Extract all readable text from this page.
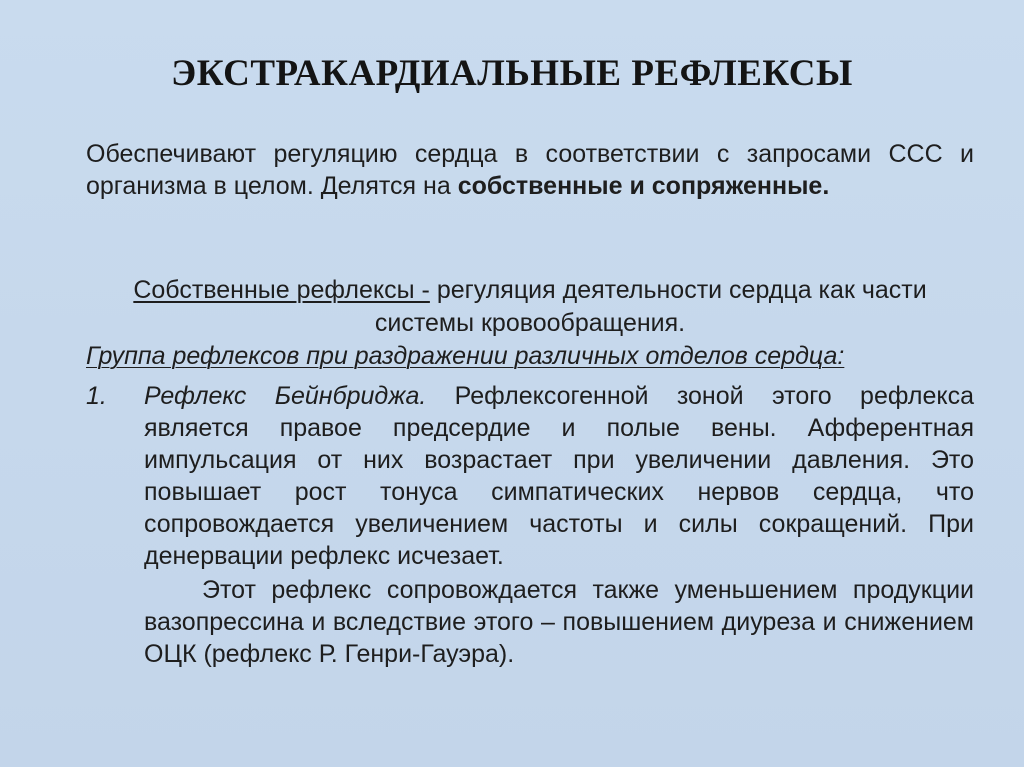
ЭКСТРАКАРДИАЛЬНЫЕ РЕФЛЕКСЫ
Обеспечивают регуляцию сердца в соответствии с запросами ССС и организма в целом. Делятся на собственные и сопряженные.
Собственные рефлексы - регуляция деятельности сердца как части системы кровообращения.
Группа рефлексов при раздражении различных отделов сердца:
1. Рефлекс Бейнбриджа. Рефлексогенной зоной этого рефлекса является правое предсердие и полые вены. Афферентная импульсация от них возрастает при увеличении давления. Это повышает рост тонуса симпатических нервов сердца, что сопровождается увеличением частоты и силы сокращений. При денервации рефлекс исчезает.
Этот рефлекс сопровождается также уменьшением продукции вазопрессина и вследствие этого – повышением диуреза и снижением ОЦК (рефлекс Р. Генри-Гауэра).
